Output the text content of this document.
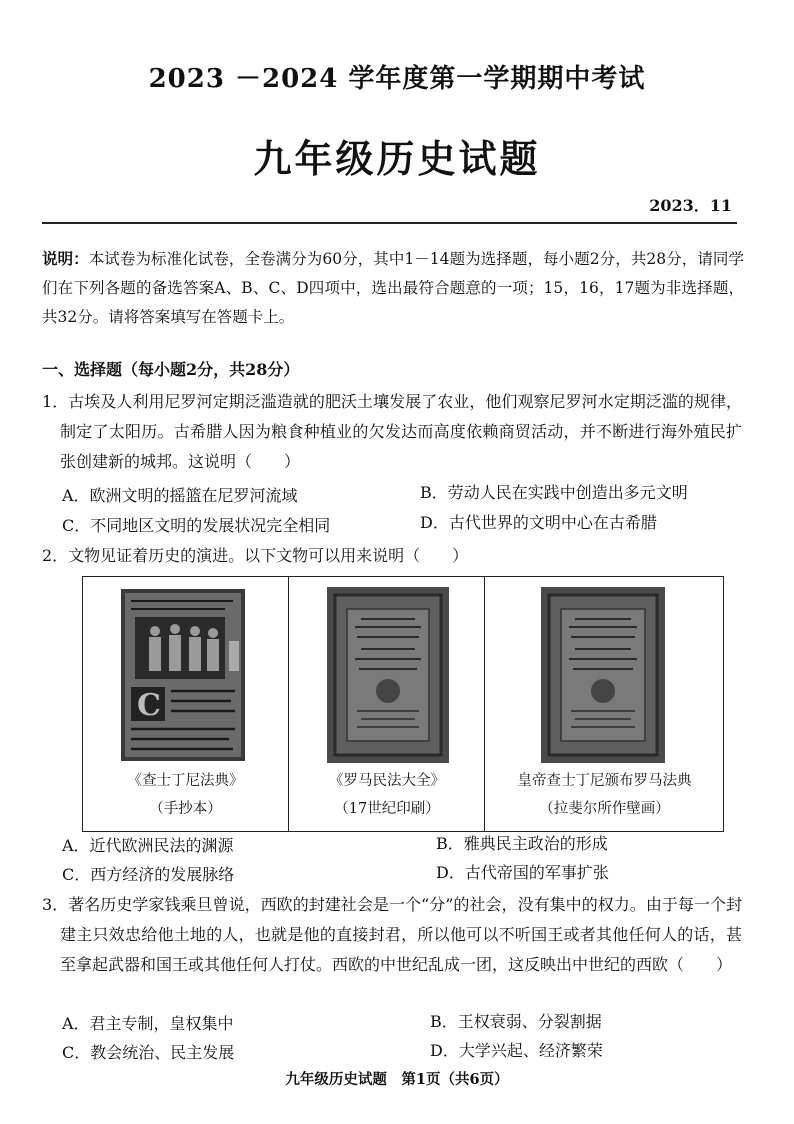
2023 －2024 学年度第一学期期中考试
九年级历史试题
2023．11
说明：本试卷为标准化试卷，全卷满分为60分，其中1－14题为选择题，每小题2分，共28分，请同学们在下列各题的备选答案A、B、C、D四项中，选出最符合题意的一项；15，16，17题为非选择题，共32分。请将答案填写在答题卡上。
一、选择题（每小题2分，共28分）
1．古埃及人利用尼罗河定期泛滥造就的肥沃土壤发展了农业，他们观察尼罗河水定期泛滥的规律，制定了太阳历。古希腊人因为粮食种植业的欠发达而高度依赖商贸活动，并不断进行海外殖民扩张创建新的城邦。这说明（　　）
A．欧洲文明的摇篮在尼罗河流域	B．劳动人民在实践中创造出多元文明
C．不同地区文明的发展状况完全相同	D．古代世界的文明中心在古希腊
2．文物见证着历史的演进。以下文物可以用来说明（　　）
C
《查士丁尼法典》
（手抄本）
《罗马民法大全》
（17世纪印刷）
皇帝查士丁尼颁布罗马法典
（拉斐尔所作壁画）
A．近代欧洲民法的渊源	B．雅典民主政治的形成
C．西方经济的发展脉络	D．古代帝国的军事扩张
3．著名历史学家钱乘旦曾说，西欧的封建社会是一个“分”的社会，没有集中的权力。由于每一个封建主只效忠给他土地的人，也就是他的直接封君，所以他可以不听国王或者其他任何人的话，甚至拿起武器和国王或其他任何人打仗。西欧的中世纪乱成一团，这反映出中世纪的西欧（　　）
A．君主专制，皇权集中	B．王权衰弱、分裂割据
C．教会统治、民主发展	D．大学兴起、经济繁荣
九年级历史试题　第1页（共6页）
